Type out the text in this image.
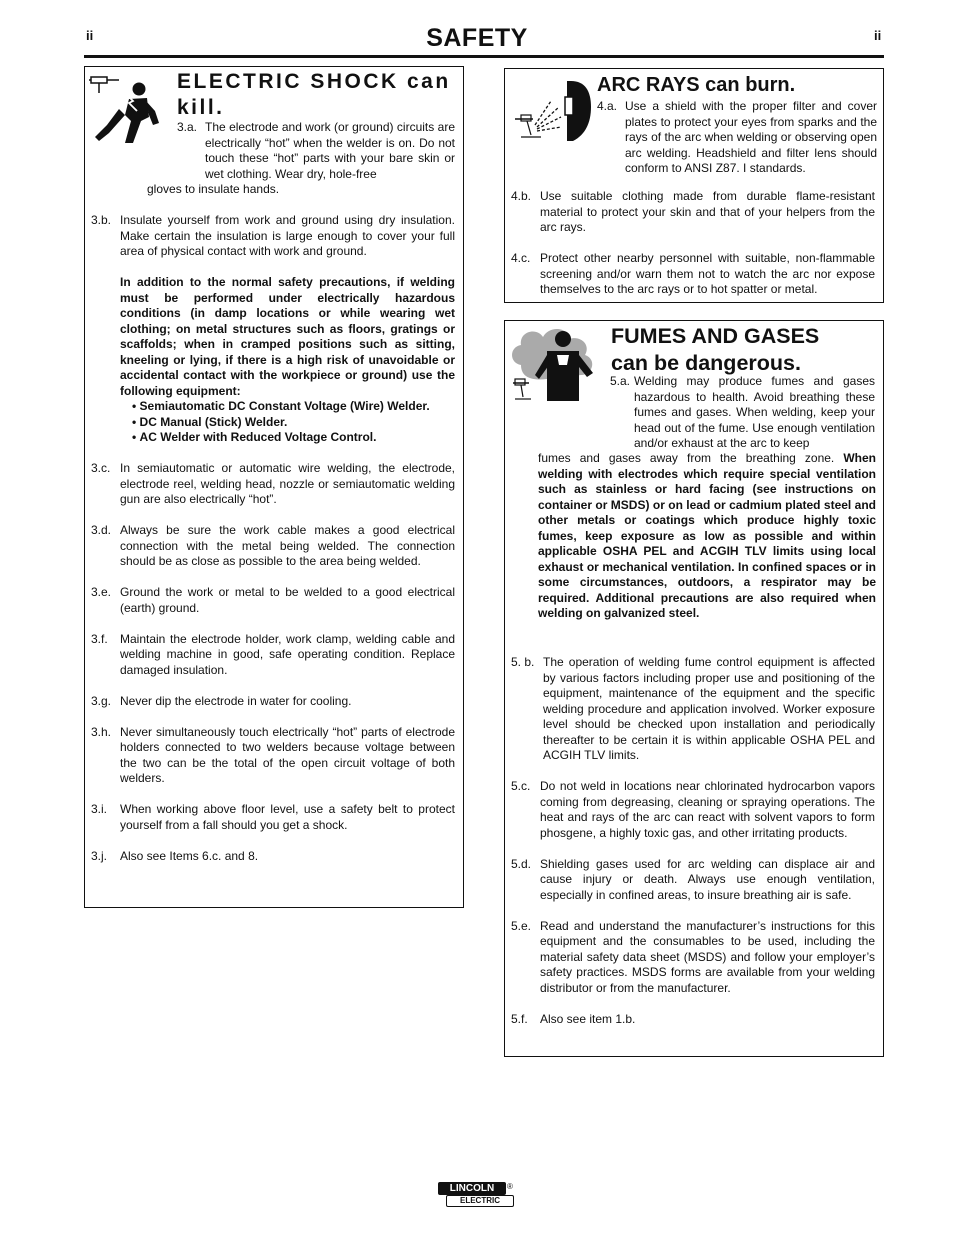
ii	ii
SAFETY
ELECTRIC SHOCK can kill.
3.a. The electrode and work (or ground) circuits are electrically “hot” when the welder is on. Do not touch these “hot” parts with your bare skin or wet clothing. Wear dry, hole-free
gloves to insulate hands.
3.b. Insulate yourself from work and ground using dry insulation. Make certain the insulation is large enough to cover your full area of physical contact with work and ground.
In addition to the normal safety precautions, if welding must be performed under electrically hazardous conditions (in damp locations or while wearing wet clothing; on metal structures such as floors, gratings or scaffolds; when in cramped positions such as sitting, kneeling or lying, if there is a high risk of unavoidable or accidental contact with the workpiece or ground) use the following equipment:
• Semiautomatic DC Constant Voltage (Wire) Welder.
• DC Manual (Stick) Welder.
• AC Welder with Reduced Voltage Control.
3.c. In semiautomatic or automatic wire welding, the electrode, electrode reel, welding head, nozzle or semiautomatic welding gun are also electrically “hot”.
3.d. Always be sure the work cable makes a good electrical connection with the metal being welded. The connection should be as close as possible to the area being welded.
3.e. Ground the work or metal to be welded to a good electrical (earth) ground.
3.f.	Maintain the electrode holder, work clamp, welding cable and welding machine in good, safe operating condition. Replace damaged insulation.
3.g. Never dip the electrode in water for cooling.
3.h. Never simultaneously touch electrically “hot” parts of electrode holders connected to two welders because voltage between the two can be the total of the open circuit voltage of both welders.
3.i.	When working above floor level, use a safety belt to protect yourself from a fall should you get a shock.
3.j.	Also see Items 6.c. and 8.
ARC RAYS can burn.
4.a. Use a shield with the proper filter and cover plates to protect your eyes from sparks and the rays of the arc when welding or observing open arc welding. Headshield and filter lens should conform to ANSI Z87. I standards.
4.b. Use suitable clothing made from durable flame-resistant material to protect your skin and that of your helpers from the arc rays.
4.c. Protect other nearby personnel with suitable, non-flammable screening and/or warn them not to watch the arc nor expose themselves to the arc rays or to hot spatter or metal.
FUMES AND GASES
can be dangerous.
5.a. Welding may produce fumes and gases hazardous to health. Avoid breathing these fumes and gases. When welding, keep your head out of the fume. Use enough ventilation and/or exhaust at the arc to keep
fumes and gases away from the breathing zone. When welding with electrodes which require special ventilation such as stainless or hard facing (see instructions on container or MSDS) or on lead or cadmium plated steel and other metals or coatings which produce highly toxic fumes, keep exposure as low as possible and within applicable OSHA PEL and ACGIH TLV limits using local exhaust or mechanical ventilation. In confined spaces or in some circumstances, outdoors, a respirator may be required. Additional precautions are also required when welding on galvanized steel.
5. b. The operation of welding fume control equipment is affected by various factors including proper use and positioning of the equipment, maintenance of the equipment and the specific welding procedure and application involved. Worker exposure level should be checked upon installation and periodically thereafter to be certain it is within applicable OSHA PEL and ACGIH TLV limits.
5.c. Do not weld in locations near chlorinated hydrocarbon vapors coming from degreasing, cleaning or spraying operations. The heat and rays of the arc can react with solvent vapors to form phosgene, a highly toxic gas, and other irritating products.
5.d. Shielding gases used for arc welding can displace air and cause injury or death. Always use enough ventilation, especially in confined areas, to insure breathing air is safe.
5.e. Read and understand the manufacturer’s instructions for this equipment and the consumables to be used, including the material safety data sheet (MSDS) and follow your employer’s safety practices. MSDS forms are available from your welding distributor or from the manufacturer.
5.f.	Also see item 1.b.
LINCOLN	®
ELECTRIC
